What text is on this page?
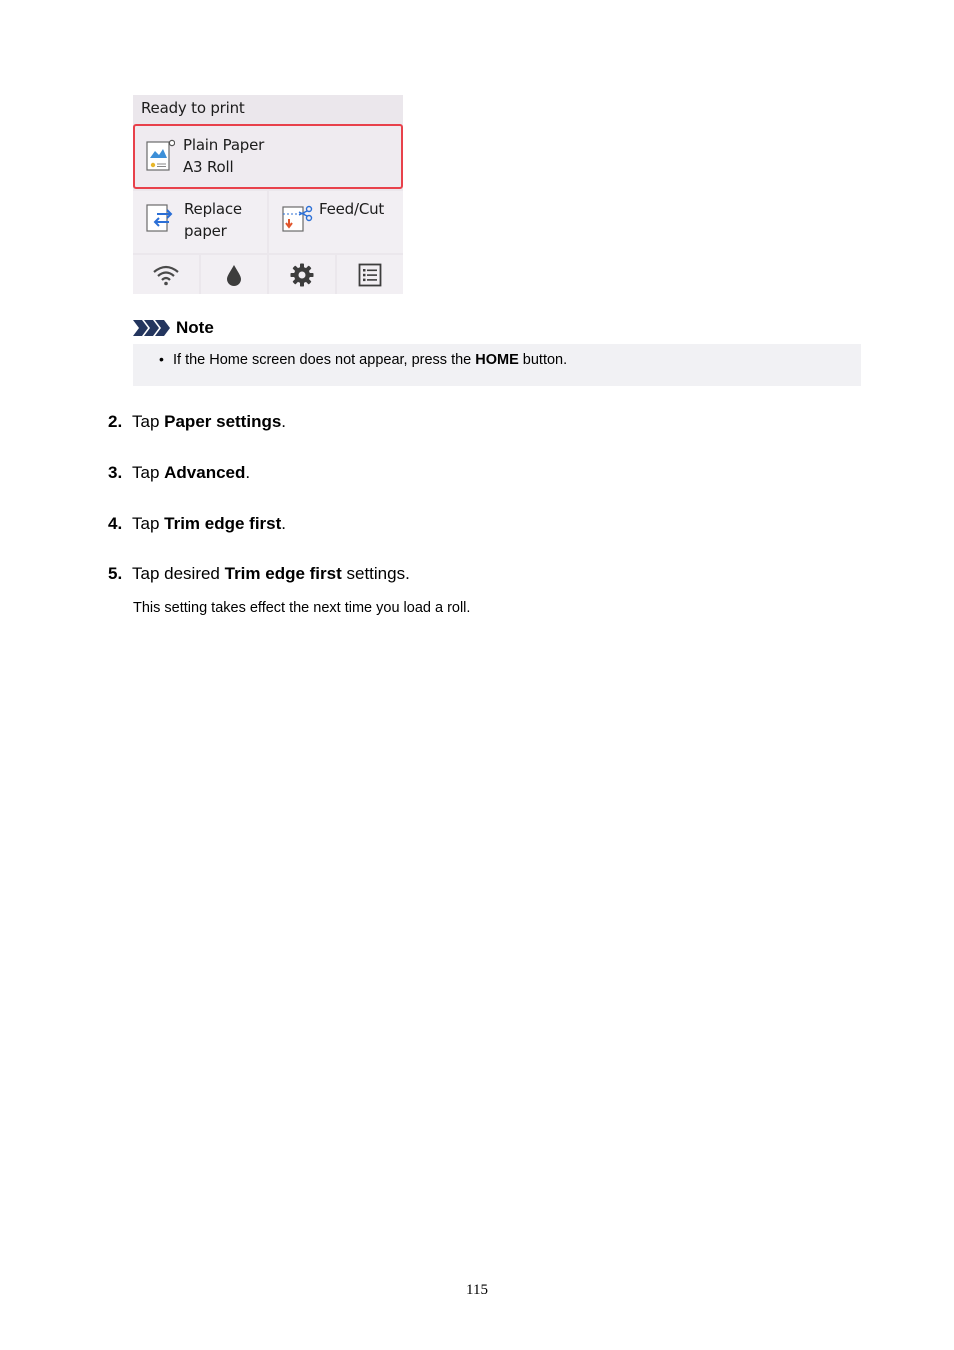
Ready to print
Plain Paper
A3 Roll
Replace
paper
Feed/Cut
Note
• If the Home screen does not appear, press the HOME button.
2. Tap Paper settings.
3. Tap Advanced.
4. Tap Trim edge first.
5. Tap desired Trim edge first settings.
This setting takes effect the next time you load a roll.
115
